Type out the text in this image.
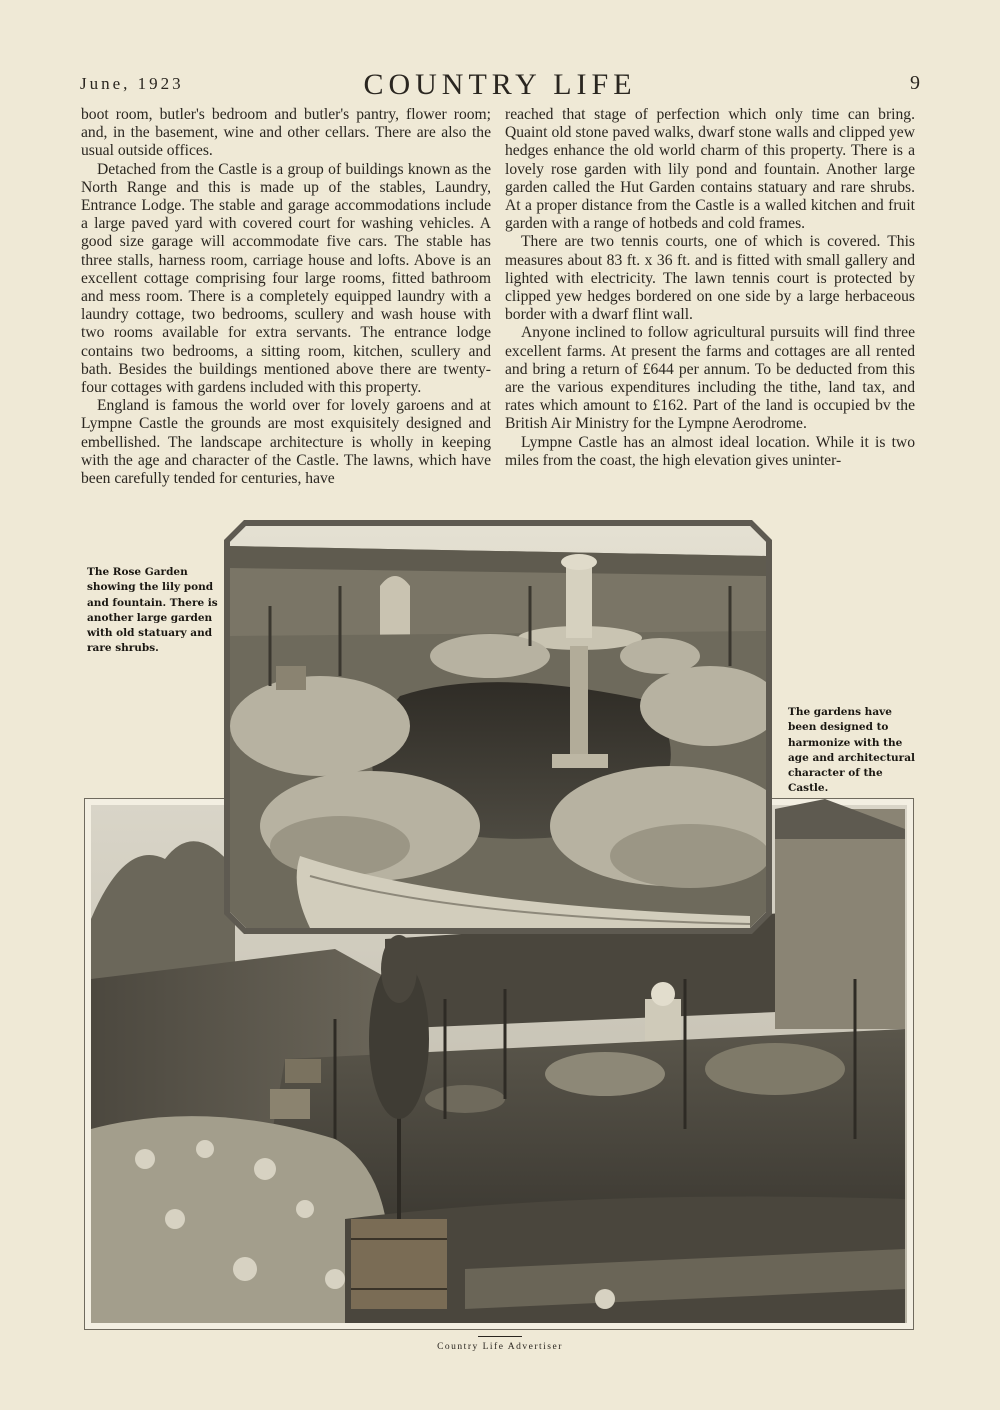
June, 1923	COUNTRY LIFE	9

boot room, butler's bedroom and butler's pantry, flower room; and, in the basement, wine and other cellars. There are also the usual outside offices.

Detached from the Castle is a group of buildings known as the North Range and this is made up of the stables, Laundry, Entrance Lodge. The stable and garage accommodations include a large paved yard with covered court for washing vehicles. A good size garage will accommodate five cars. The stable has three stalls, harness room, carriage house and lofts. Above is an excellent cottage comprising four large rooms, fitted bathroom and mess room. There is a completely equipped laundry with a laundry cottage, two bedrooms, scullery and wash house with two rooms available for extra servants. The entrance lodge contains two bedrooms, a sitting room, kitchen, scullery and bath. Besides the buildings mentioned above there are twenty-four cottages with gardens included with this property.

England is famous the world over for lovely garoens and at Lympne Castle the grounds are most exquisitely designed and embellished. The landscape architecture is wholly in keeping with the age and character of the Castle. The lawns, which have been carefully tended for centuries, have

reached that stage of perfection which only time can bring. Quaint old stone paved walks, dwarf stone walls and clipped yew hedges enhance the old world charm of this property. There is a lovely rose garden with lily pond and fountain. Another large garden called the Hut Garden contains statuary and rare shrubs. At a proper distance from the Castle is a walled kitchen and fruit garden with a range of hotbeds and cold frames.

There are two tennis courts, one of which is covered. This measures about 83 ft. x 36 ft. and is fitted with small gallery and lighted with electricity. The lawn tennis court is protected by clipped yew hedges bordered on one side by a large herbaceous border with a dwarf flint wall.

Anyone inclined to follow agricultural pursuits will find three excellent farms. At present the farms and cottages are all rented and bring a return of £644 per annum. To be deducted from this are the various expenditures including the tithe, land tax, and rates which amount to £162. Part of the land is occupied bv the British Air Ministry for the Lympne Aerodrome.

Lympne Castle has an almost ideal location. While it is two miles from the coast, the high elevation gives uninter-

The Rose Garden showing the lily pond and fountain. There is another large garden with old statuary and rare shrubs.
The gardens have been designed to harmonize with the age and architectural character of the Castle.
Country Life Advertiser
